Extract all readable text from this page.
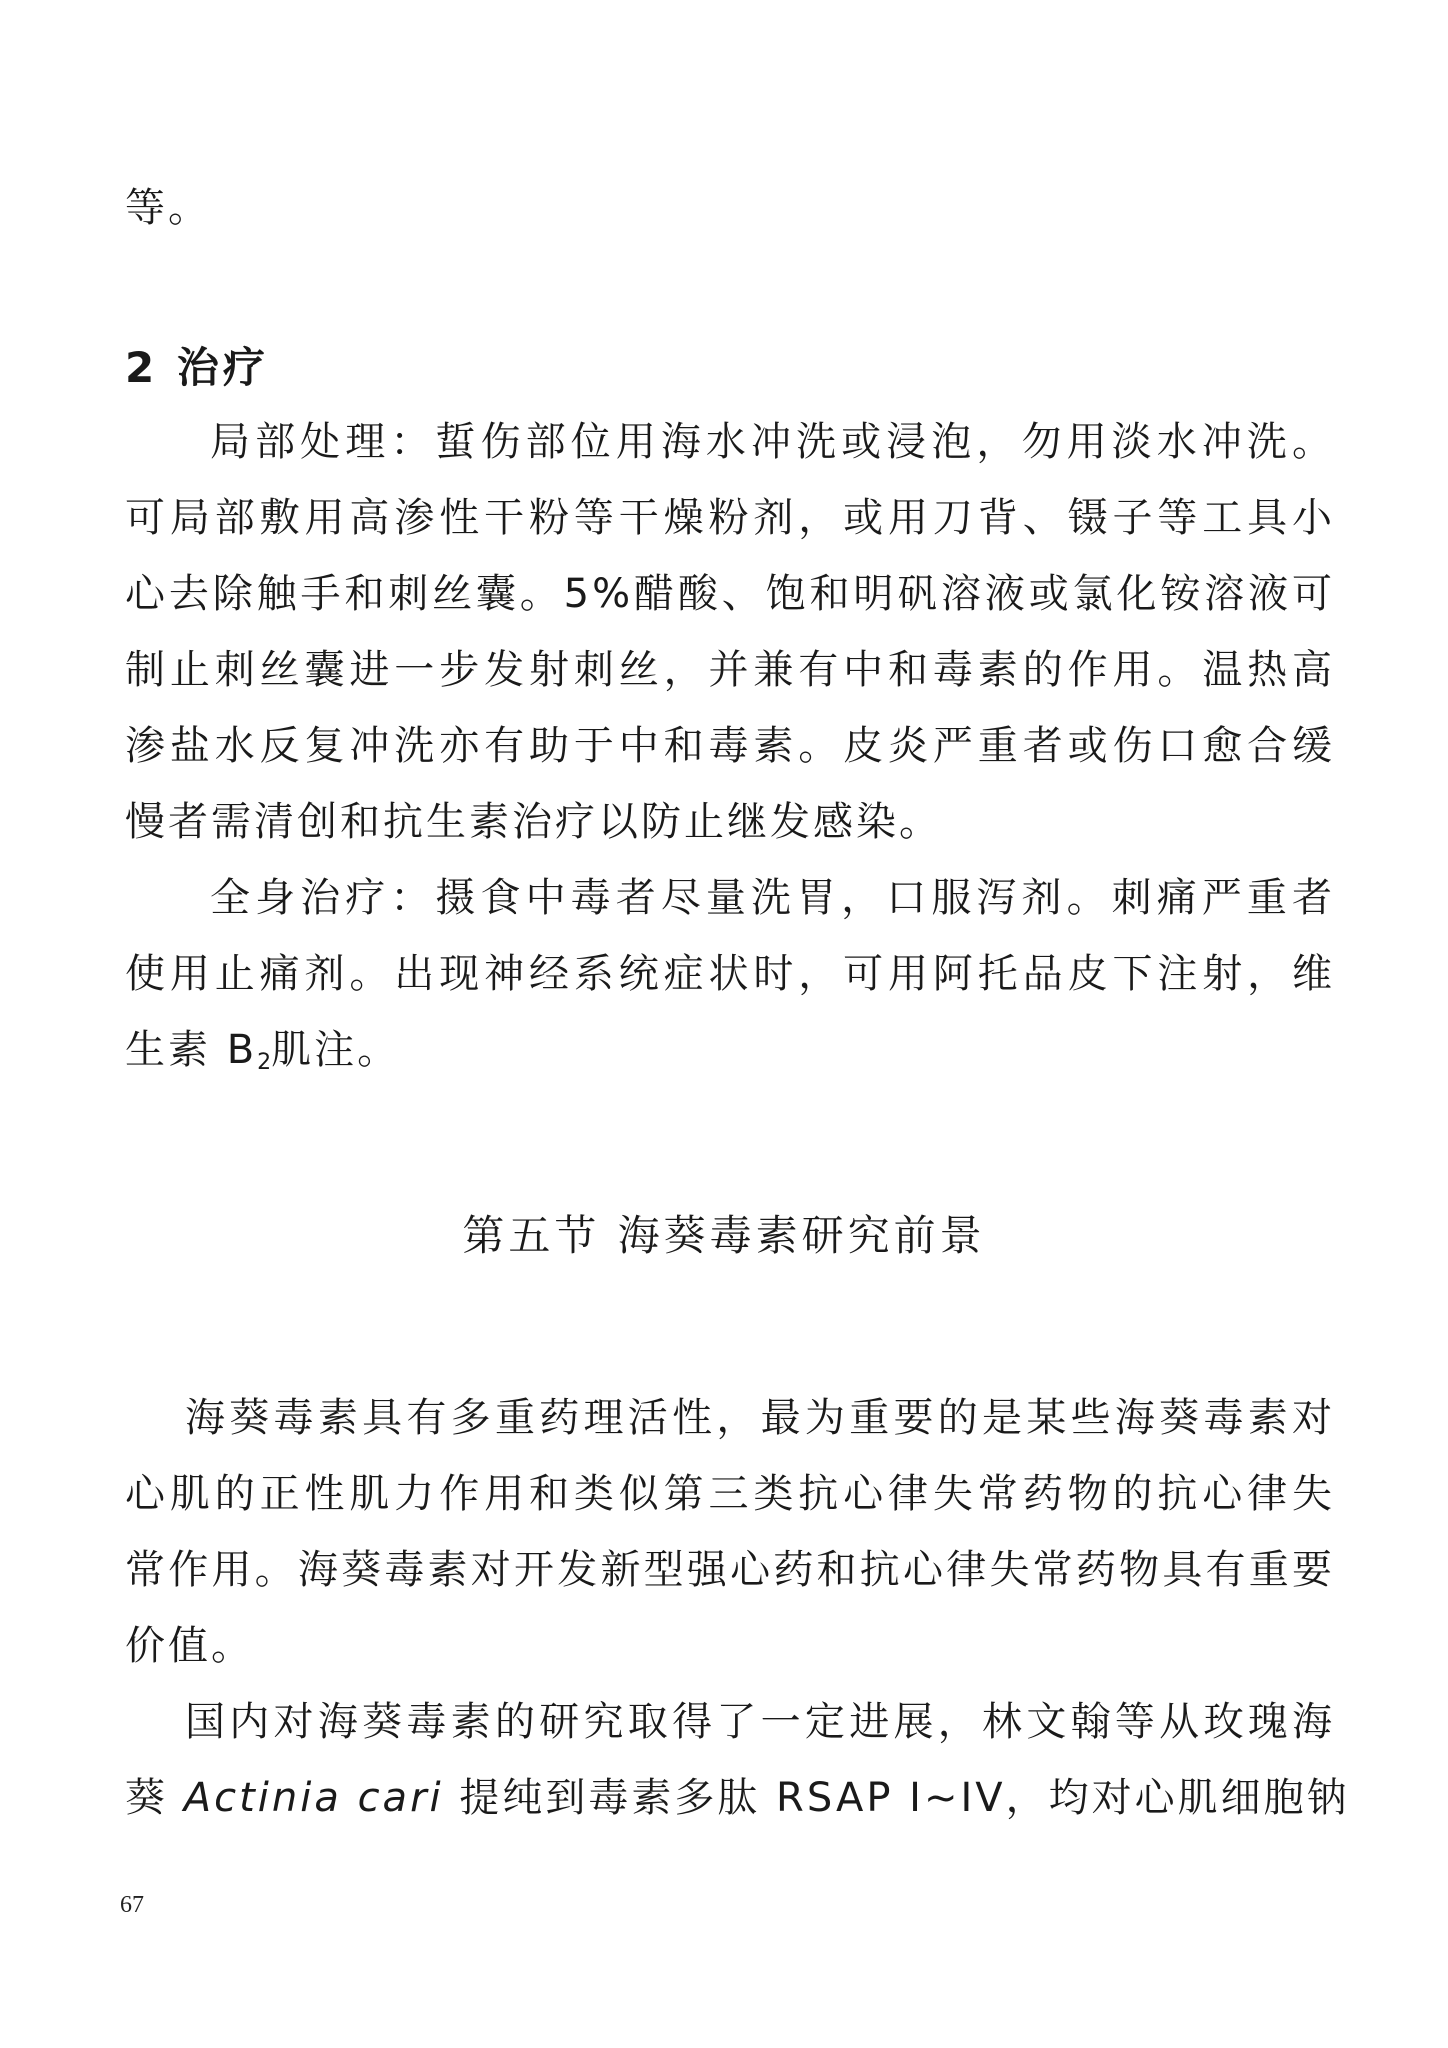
等。
2 治疗
局部处理：蜇伤部位用海水冲洗或浸泡，勿用淡水冲洗。
可局部敷用高渗性干粉等干燥粉剂，或用刀背、镊子等工具小
心去除触手和刺丝囊。5%醋酸、饱和明矾溶液或氯化铵溶液可
制止刺丝囊进一步发射刺丝，并兼有中和毒素的作用。温热高
渗盐水反复冲洗亦有助于中和毒素。皮炎严重者或伤口愈合缓
慢者需清创和抗生素治疗以防止继发感染。
全身治疗：摄食中毒者尽量洗胃，口服泻剂。刺痛严重者
使用止痛剂。出现神经系统症状时，可用阿托品皮下注射，维
生素 $B_2$肌注。
第五节 海葵毒素研究前景
海葵毒素具有多重药理活性，最为重要的是某些海葵毒素对
心肌的正性肌力作用和类似第三类抗心律失常药物的抗心律失
常作用。海葵毒素对开发新型强心药和抗心律失常药物具有重要
价值。
国内对海葵毒素的研究取得了一定进展，林文翰等从玫瑰海
葵 Actinia cari 提纯到毒素多肽 RSAP I~IV，均对心肌细胞钠
67
